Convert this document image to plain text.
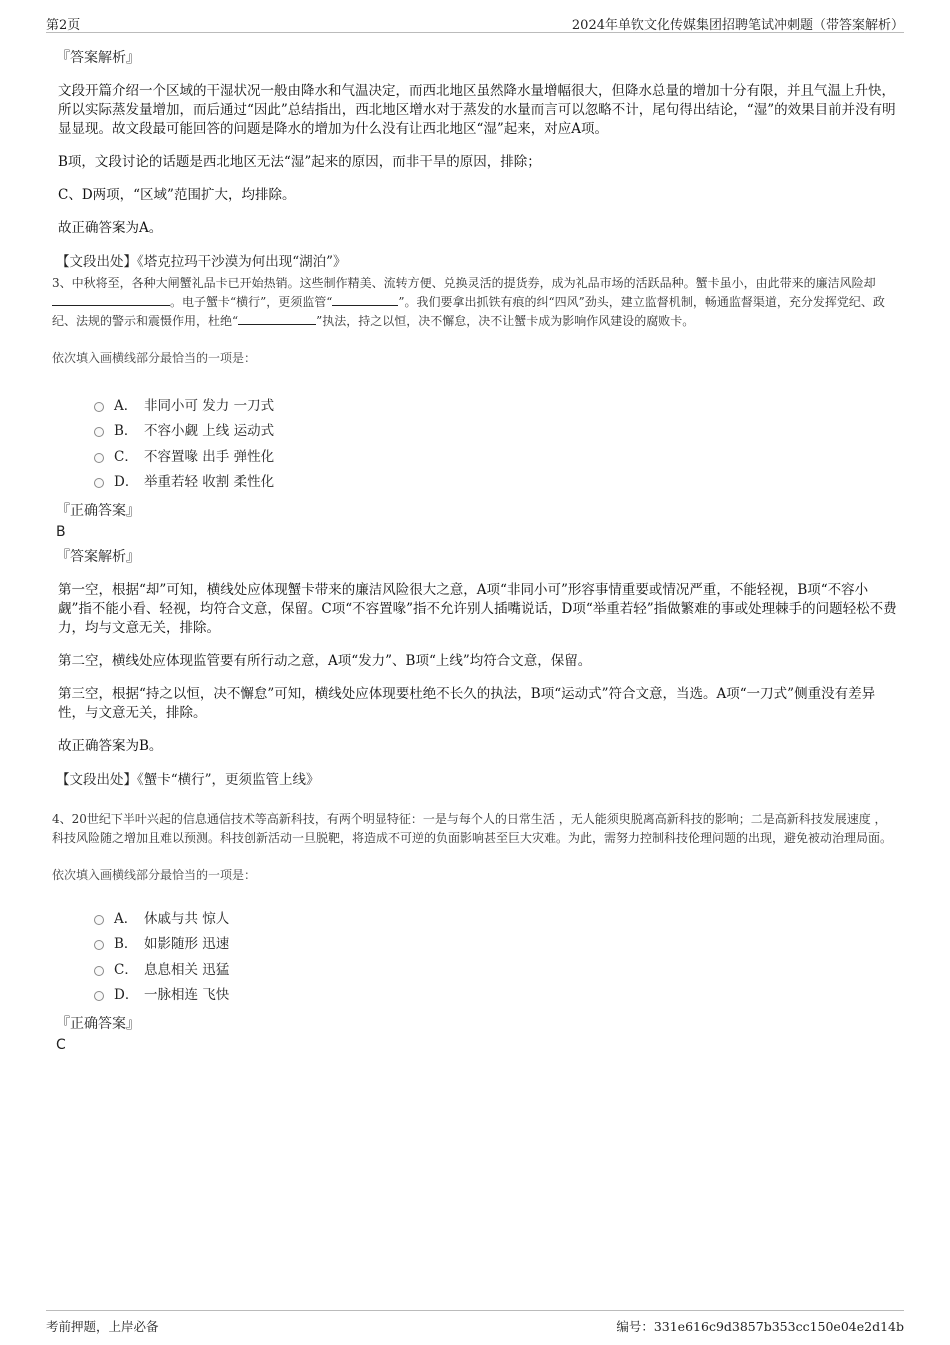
第2页	2024年单钦文化传媒集团招聘笔试冲刺题（带答案解析）
『答案解析』

文段开篇介绍一个区域的干湿状况一般由降水和气温决定，而西北地区虽然降水量增幅很大，但降水总量的增加十分有限，并且气温上升快，所以实际蒸发量增加，而后通过“因此”总结指出，西北地区增水对于蒸发的水量而言可以忽略不计，尾句得出结论，“湿”的效果目前并没有明显显现。故文段最可能回答的问题是降水的增加为什么没有让西北地区“湿”起来，对应A项。

B项，文段讨论的话题是西北地区无法“湿”起来的原因，而非干旱的原因，排除；

C、D两项，“区域”范围扩大，均排除。

故正确答案为A。

【文段出处】《塔克拉玛干沙漠为何出现“湖泊”》

3、中秋将至，各种大闸蟹礼品卡已开始热销。这些制作精美、流转方便、兑换灵活的提货券，成为礼品市场的活跃品种。蟹卡虽小，由此带来的廉洁风险却。电子蟹卡“横行”，更须监管“	”。我们要拿出抓铁有痕的纠“四风”劲头，建立监督机制，畅通监督渠道，充分发挥党纪、政纪、法规的警示和震慑作用，杜绝“	”执法，持之以恒，决不懈怠，决不让蟹卡成为影响作风建设的腐败卡。

依次填入画横线部分最恰当的一项是：
A． 非同小可 发力 一刀式
B． 不容小觑 上线 运动式
C． 不容置喙 出手 弹性化
D． 举重若轻 收割 柔性化
『正确答案』
B
『答案解析』

第一空，根据“却”可知，横线处应体现蟹卡带来的廉洁风险很大之意，A项“非同小可”形容事情重要或情况严重，不能轻视，B项“不容小觑”指不能小看、轻视，均符合文意，保留。C项“不容置喙”指不允许别人插嘴说话，D项“举重若轻”指做繁难的事或处理棘手的问题轻松不费力，均与文意无关，排除。

第二空，横线处应体现监管要有所行动之意，A项“发力”、B项“上线”均符合文意，保留。

第三空，根据“持之以恒，决不懈怠”可知，横线处应体现要杜绝不长久的执法，B项“运动式”符合文意，当选。A项“一刀式”侧重没有差异性，与文意无关，排除。

故正确答案为B。

【文段出处】《蟹卡“横行”，更须监管上线》

4、20世纪下半叶兴起的信息通信技术等高新科技，有两个明显特征：一是与每个人的日常生活 ，无人能须臾脱离高新科技的影响；二是高新科技发展速度 ，科技风险随之增加且难以预测。科技创新活动一旦脱靶，将造成不可逆的负面影响甚至巨大灾难。为此，需努力控制科技伦理问题的出现，避免被动治理局面。

依次填入画横线部分最恰当的一项是：
A． 休戚与共 惊人
B． 如影随形 迅速
C． 息息相关 迅猛
D． 一脉相连 飞快
『正确答案』
C
考前押题，上岸必备	编号：331e616c9d3857b353cc150e04e2d14b
